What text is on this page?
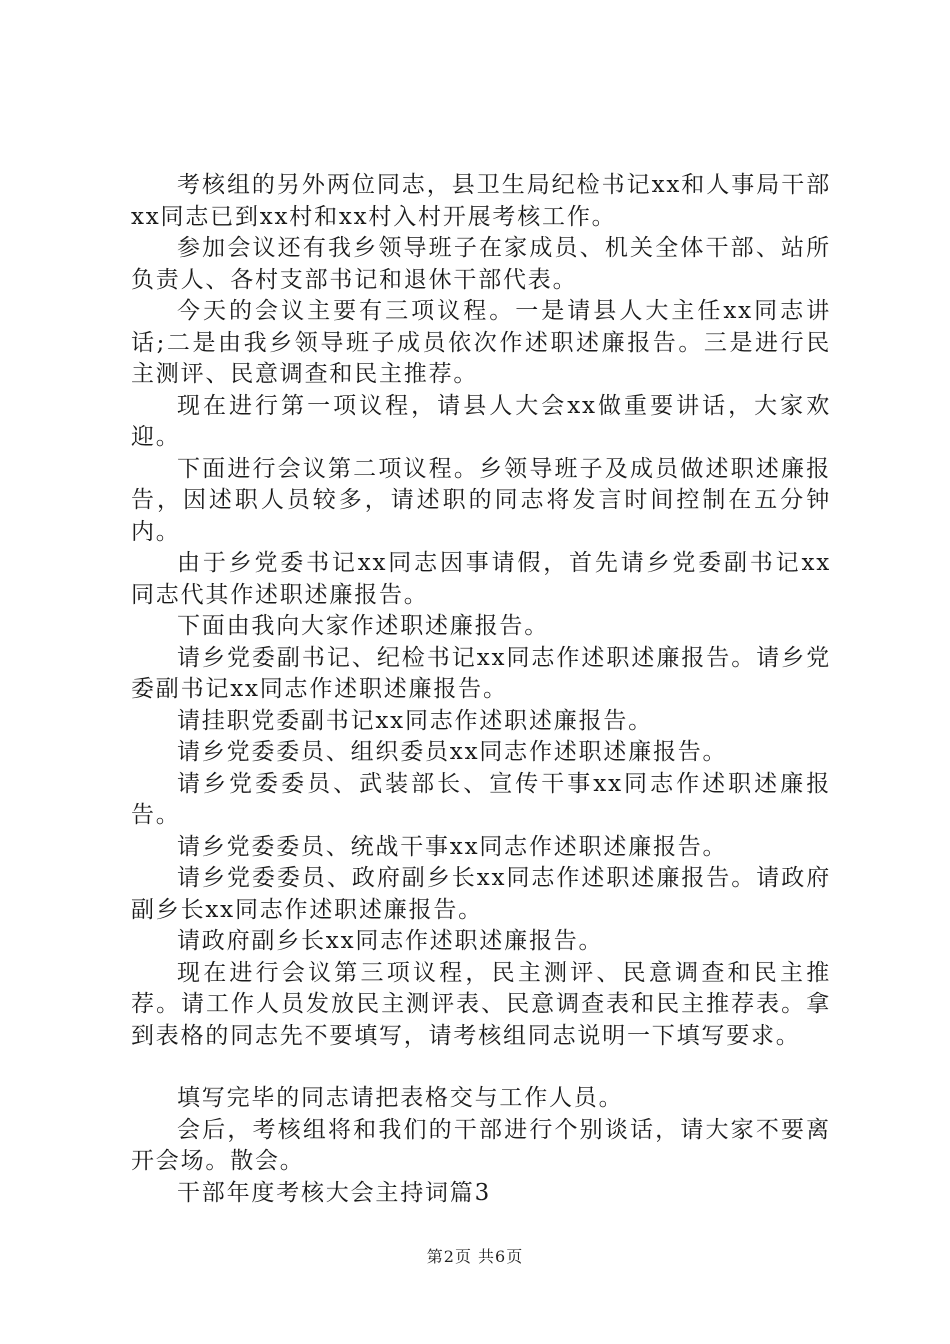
考核组的另外两位同志，县卫生局纪检书记xx和人事局干部xx同志已到xx村和xx村入村开展考核工作。

参加会议还有我乡领导班子在家成员、机关全体干部、站所负责人、各村支部书记和退休干部代表。

今天的会议主要有三项议程。一是请县人大主任xx同志讲话;二是由我乡领导班子成员依次作述职述廉报告。三是进行民主测评、民意调查和民主推荐。

现在进行第一项议程，请县人大会xx做重要讲话，大家欢迎。

下面进行会议第二项议程。乡领导班子及成员做述职述廉报告，因述职人员较多，请述职的同志将发言时间控制在五分钟内。

由于乡党委书记xx同志因事请假，首先请乡党委副书记xx同志代其作述职述廉报告。

下面由我向大家作述职述廉报告。

请乡党委副书记、纪检书记xx同志作述职述廉报告。请乡党委副书记xx同志作述职述廉报告。

请挂职党委副书记xx同志作述职述廉报告。

请乡党委委员、组织委员xx同志作述职述廉报告。

请乡党委委员、武装部长、宣传干事xx同志作述职述廉报告。

请乡党委委员、统战干事xx同志作述职述廉报告。

请乡党委委员、政府副乡长xx同志作述职述廉报告。请政府副乡长xx同志作述职述廉报告。

请政府副乡长xx同志作述职述廉报告。

现在进行会议第三项议程，民主测评、民意调查和民主推荐。请工作人员发放民主测评表、民意调查表和民主推荐表。拿到表格的同志先不要填写，请考核组同志说明一下填写要求。

填写完毕的同志请把表格交与工作人员。

会后，考核组将和我们的干部进行个别谈话，请大家不要离开会场。散会。

干部年度考核大会主持词篇3

第2页 共6页
